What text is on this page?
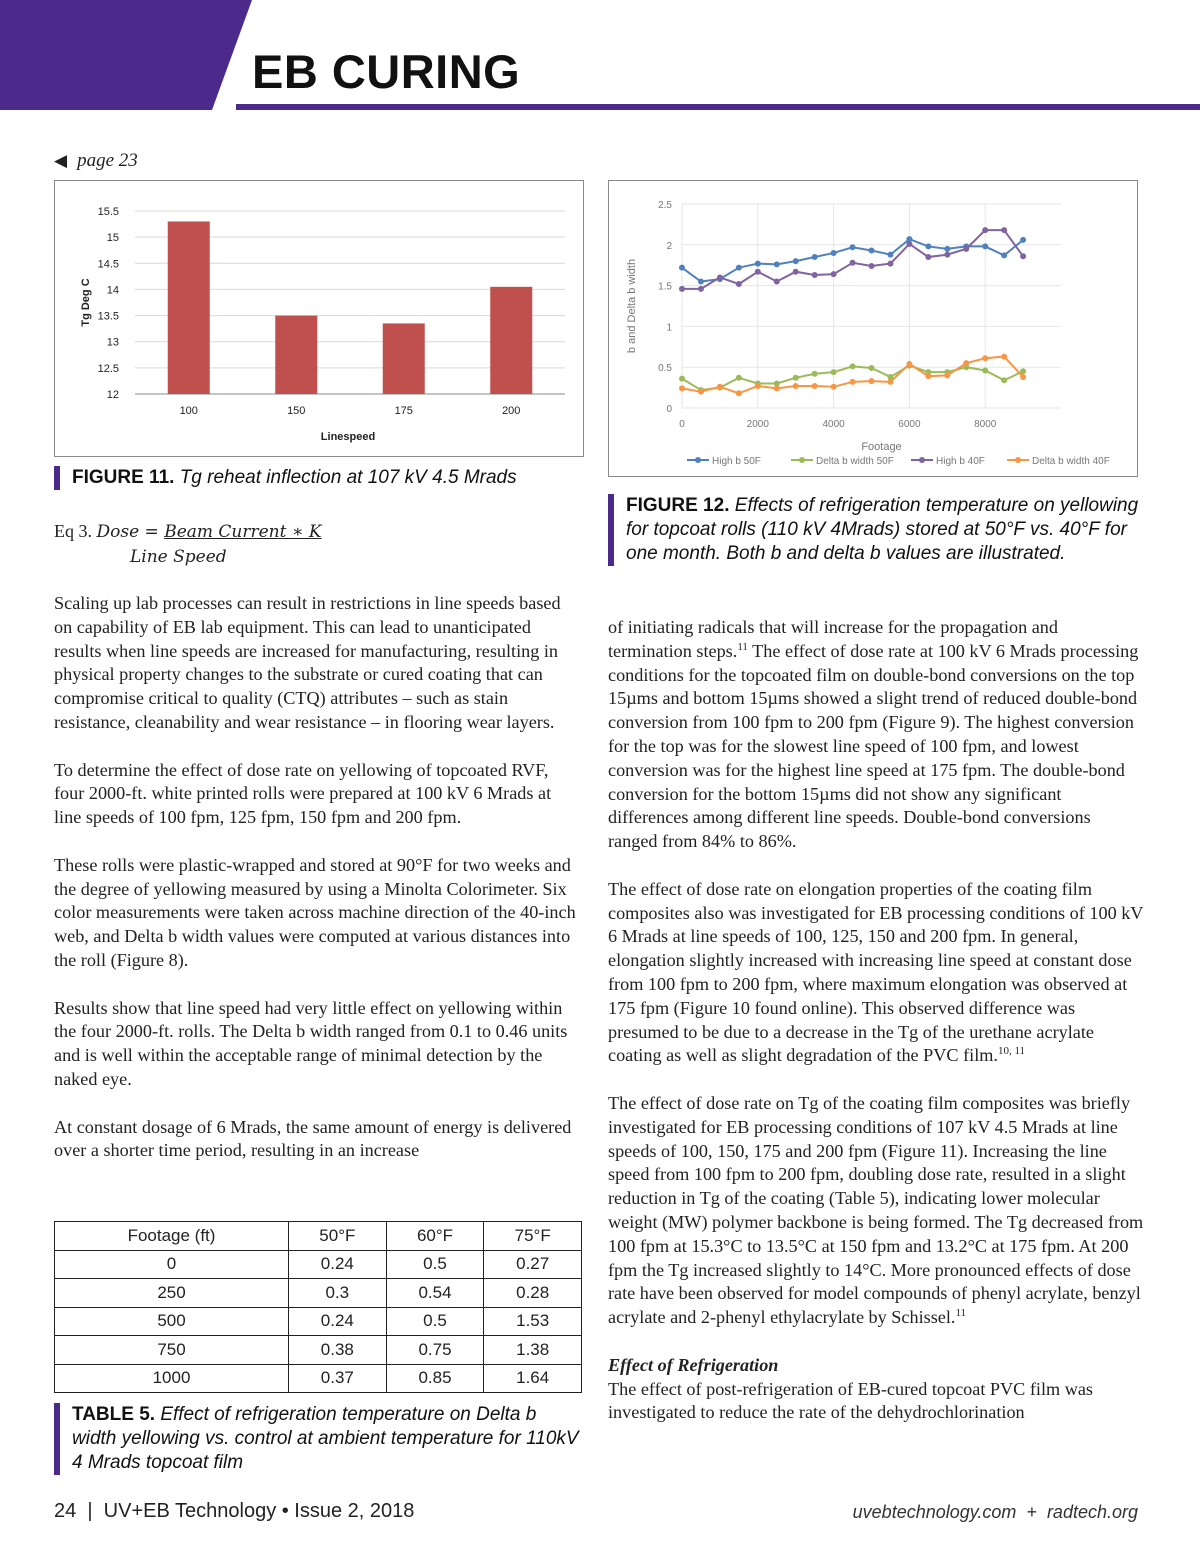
EB CURING
◀ page 23
12
12.5
13
13.5
14
14.5
15
15.5
100	150	175	200
Linespeed
Tg Deg C
FIGURE 11. Tg reheat inflection at 107 kV 4.5 Mrads
Eq 3. Dose = Beam Current ∗ K
Line Speed

Scaling up lab processes can result in restrictions in line speeds based on capability of EB lab equipment. This can lead to unanticipated results when line speeds are increased for manufacturing, resulting in physical property changes to the substrate or cured coating that can compromise critical to quality (CTQ) attributes – such as stain resistance, cleanability and wear resistance – in flooring wear layers.

To determine the effect of dose rate on yellowing of topcoated RVF, four 2000-ft. white printed rolls were prepared at 100 kV 6 Mrads at line speeds of 100 fpm, 125 fpm, 150 fpm and 200 fpm.

These rolls were plastic-wrapped and stored at 90°F for two weeks and the degree of yellowing measured by using a Minolta Colorimeter. Six color measurements were taken across machine direction of the 40-inch web, and Delta b width values were computed at various distances into the roll (Figure 8).

Results show that line speed had very little effect on yellowing within the four 2000-ft. rolls. The Delta b width ranged from 0.1 to 0.46 units and is well within the acceptable range of minimal detection by the naked eye.

At constant dosage of 6 Mrads, the same amount of energy is delivered over a shorter time period, resulting in an increase

Footage (ft)	50°F	60°F	75°F
0	0.24	0.5	0.27
250	0.3	0.54	0.28
500	0.24	0.5	1.53
750	0.38	0.75	1.38
1000	0.37	0.85	1.64
TABLE 5. Effect of refrigeration temperature on Delta b width yellowing vs. control at ambient temperature for 110kV 4 Mrads topcoat film
0	2000	4000	6000	8000
0
0.5
1
1.5
2
2.5
Footage
b and Delta b width
High b 50F	Delta b width 50F	High b 40F	Delta b width 40F
FIGURE 12. Effects of refrigeration temperature on yellowing for topcoat rolls (110 kV 4Mrads) stored at 50°F vs. 40°F for one month. Both b and delta b values are illustrated.

of initiating radicals that will increase for the propagation and termination steps.$^{11}$ The effect of dose rate at 100 kV 6 Mrads processing conditions for the topcoated film on double-bond conversions on the top 15µms and bottom 15µms showed a slight trend of reduced double-bond conversion from 100 fpm to 200 fpm (Figure 9). The highest conversion for the top was for the slowest line speed of 100 fpm, and lowest conversion was for the highest line speed at 175 fpm. The double-bond conversion for the bottom 15µms did not show any significant differences among different line speeds. Double-bond conversions ranged from 84% to 86%.

The effect of dose rate on elongation properties of the coating film composites also was investigated for EB processing conditions of 100 kV 6 Mrads at line speeds of 100, 125, 150 and 200 fpm. In general, elongation slightly increased with increasing line speed at constant dose from 100 fpm to 200 fpm, where maximum elongation was observed at 175 fpm (Figure 10 found online). This observed difference was presumed to be due to a decrease in the Tg of the urethane acrylate coating as well as slight degradation of the PVC film.$^{10, 11}$

The effect of dose rate on Tg of the coating film composites was briefly investigated for EB processing conditions of 107 kV 4.5 Mrads at line speeds of 100, 150, 175 and 200 fpm (Figure 11). Increasing the line speed from 100 fpm to 200 fpm, doubling dose rate, resulted in a slight reduction in Tg of the coating (Table 5), indicating lower molecular weight (MW) polymer backbone is being formed. The Tg decreased from 100 fpm at 15.3°C to 13.5°C at 150 fpm and 13.2°C at 175 fpm. At 200 fpm the Tg increased slightly to 14°C. More pronounced effects of dose rate have been observed for model compounds of phenyl acrylate, benzyl acrylate and 2-phenyl ethylacrylate by Schissel.$^{11}$

Effect of Refrigeration
The effect of post-refrigeration of EB-cured topcoat PVC film was investigated to reduce the rate of the dehydrochlorination
24  |  UV+EB Technology • Issue 2, 2018	uvebtechnology.com  +  radtech.org
